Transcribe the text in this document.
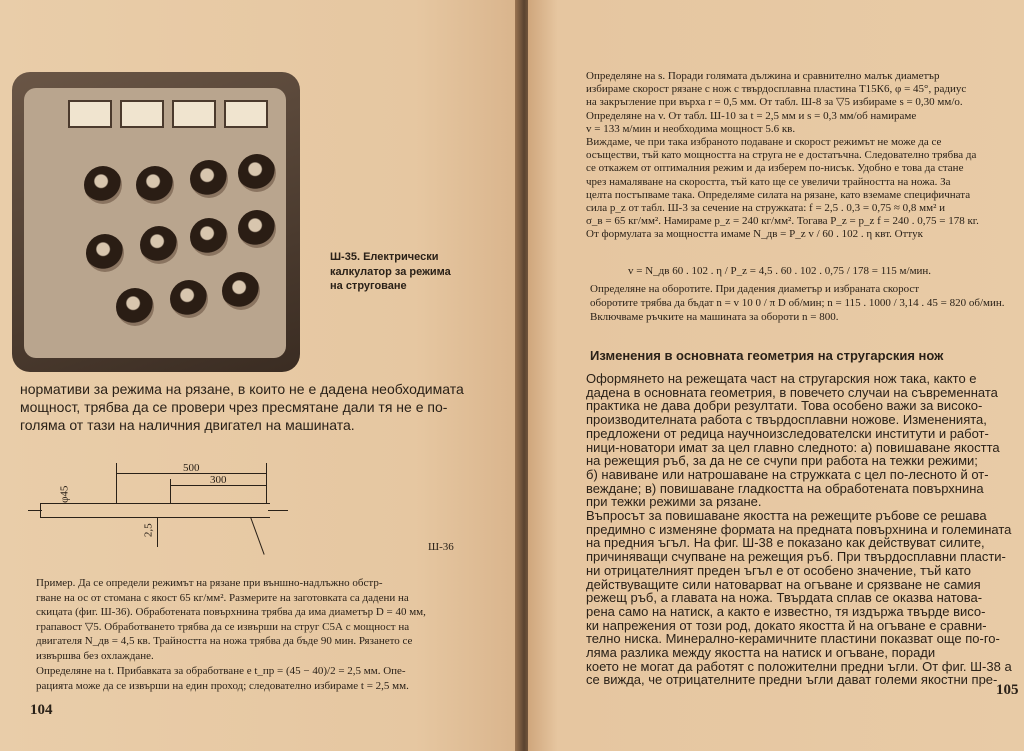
Ш-35. Електрически
калкулатор за режима
на струговане
нормативи за режима на рязане, в които не е дадена необходимата
мощност, трябва да се провери чрез пресмятане дали тя не е по-
голяма от тази на наличния двигател на машината.
500
300
φ45
2,5
Ш-36
Пример. Да се определи режимът на рязане при външно-надлъжно обстр-
гване на ос от стомана с якост 65 кг/мм². Размерите на заготовката са дадени на
скицата (фиг. Ш-36). Обработената повърхнина трябва да има диаметър D = 40 мм,
грапавост ▽5. Обработването трябва да се извърши на струг С5А с мощност на
двигателя N_дв = 4,5 кв. Трайността на ножа трябва да бъде 90 мин. Рязането се
извършва без охлаждане.
Определяне на t. Прибавката за обработване е t_пр = (45 − 40)/2 = 2,5 мм. Опе-
рацията може да се извърши на един проход; следователно избираме t = 2,5 мм.
104
Определяне на s. Поради голямата дължина и сравнително малък диаметър
избираме скорост рязане с нож с твърдосплавна пластина Т15К6, φ = 45°, радиус
на закръгление при върха r = 0,5 мм. От табл. Ш-8 за ▽5 избираме s = 0,30 мм/о.
Определяне на v. От табл. Ш-10 за t = 2,5 мм и s = 0,3 мм/об намираме
v = 133 м/мин и необходима мощност 5.6 кв.
Виждаме, че при така избраното подаване и скорост режимът не може да се
осъществи, тъй като мощността на струга не е достатъчна. Следователно трябва да
се откажем от оптималния режим и да изберем по-нисък. Удобно е това да стане
чрез намаляване на скоростта, тъй като ще се увеличи трайността на ножа. За
целта постъпваме така. Определяме силата на рязане, като вземаме специфичната
сила p_z от табл. Ш-3 за сечение на стружката: f = 2,5 . 0,3 = 0,75 ≈ 0,8 мм² и
σ_в = 65 кг/мм². Намираме p_z = 240 кг/мм². Тогава P_z = p_z f = 240 . 0,75 = 178 кг.
От формулата за мощността имаме N_дв = P_z v / 60 . 102 . η квт. Оттук
v = N_дв 60 . 102 . η / P_z = 4,5 . 60 . 102 . 0,75 / 178 = 115 м/мин.
Определяне на оборотите. При дадения диаметър и избраната скорост
оборотите трябва да бъдат n = v 10 0 / π D об/мин; n = 115 . 1000 / 3,14 . 45 = 820 об/мин.
Включваме ръчките на машината за обороти n = 800.
Изменения в основната геометрия на стругарския нож
Оформянето на режещата част на стругарския нож така, както е
дадена в основната геометрия, в повечето случаи на съвременната
практика не дава добри резултати. Това особено важи за високо-
производителната работа с твърдосплавни ножове. Измененията,
предложени от редица научноизследователски институти и работ-
ници-новатори имат за цел главно следното: а) повишаване якостта
на режещия ръб, за да не се счупи при работа на тежки режими;
б) навиване или натрошаване на стружката с цел по-лесното й от-
веждане; в) повишаване гладкостта на обработената повърхнина
при тежки режими за рязане.
Въпросът за повишаване якостта на режещите ръбове се решава
предимно с изменяне формата на предната повърхнина и големината
на предния ъгъл. На фиг. Ш-38 е показано как действуват силите,
причиняващи счупване на режещия ръб. При твърдосплавни пласти-
ни отрицателният преден ъгъл е от особено значение, тъй като
действуващите сили натоварват на огъване и срязване не самия
режещ ръб, а главата на ножа. Твърдата сплав се оказва натова-
рена само на натиск, а както е известно, тя издържа твърде висо-
ки напрежения от този род, докато якостта й на огъване е сравни-
телно ниска. Минерално-керамичните пластини показват още по-го-
ляма разлика между якостта на натиск и огъване, поради
което не могат да работят с положителни предни ъгли. От фиг. Ш-38 а
се вижда, че отрицателните предни ъгли дават големи якостни пре-
105
